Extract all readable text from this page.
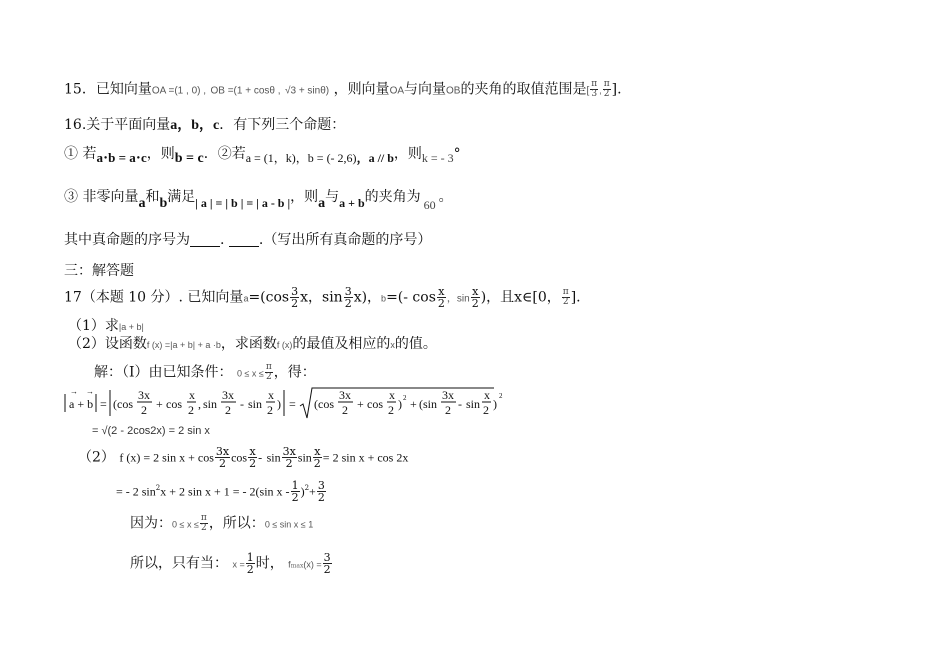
15．已知向量OA =(1 , 0) , OB =(1 + cosθ , √3 + sinθ) ，则向量OA与向量OB的夹角的取值范围是[ $\frac{\pi}{3}$ , $\frac{\pi}{2}$ ].
16.关于平面向量a，b，c．有下列三个命题：
① 若a⋅b = a⋅c，则b = c．②若a = (1，k)，b = (- 2,6)，a // b，则k = - 3°
③ 非零向量a和b满足| a | = | b | = | a - b |，则a与a + b的夹角为 60 。
其中真命题的序号为 . .（写出所有真命题的序号）
三：解答题
17（本题 10 分）. 已知向量$a=(\cos \frac{3}{2}$ x，$\sin \frac{3}{2} x$)，b=(- $\cos \frac{x}{2}$ ，$\sin \frac{x}{2}$ )，且x∈[0， $\frac{\pi}{2}$ ].
（1）求|a + b|
（2）设函数f (x) =|a + b| + a ·b，求函数f (x)的最值及相应的x的值。
解：（I）由已知条件： $0 \le x \le \frac{\pi}{2}$ ，得：
a + b
→ →
= ( cos
3x
2 + cos
x
2 , sin
3x
2 - sin
x
2 ) = ( cos
3x
2 + cos
x
2 ) 2 + ( sin
3x
2 - sin
x
2 )
2
= √(2 - 2cos2x) = 2 sin x
（2） f (x) = 2 $\sin x + \cos \frac{3x}{2}$ $\cos \frac{x}{2}$ - $\sin \frac{3x}{2}$ $\sin \frac{x}{2} = 2$ sin x + cos 2x
= - 2 $\sin^2x + 2$ sin x + 1 = - 2(sin $x - \frac{1}{2} )^2+ \frac{3}{2}$
因为：$0 \le x \le \frac{\pi}{2}$ ，所以：0 ≤ sin x ≤ 1
所以，只有当： $x = \frac{1}{2}$ 时， $fmax(x) = \frac{3}{2}$
